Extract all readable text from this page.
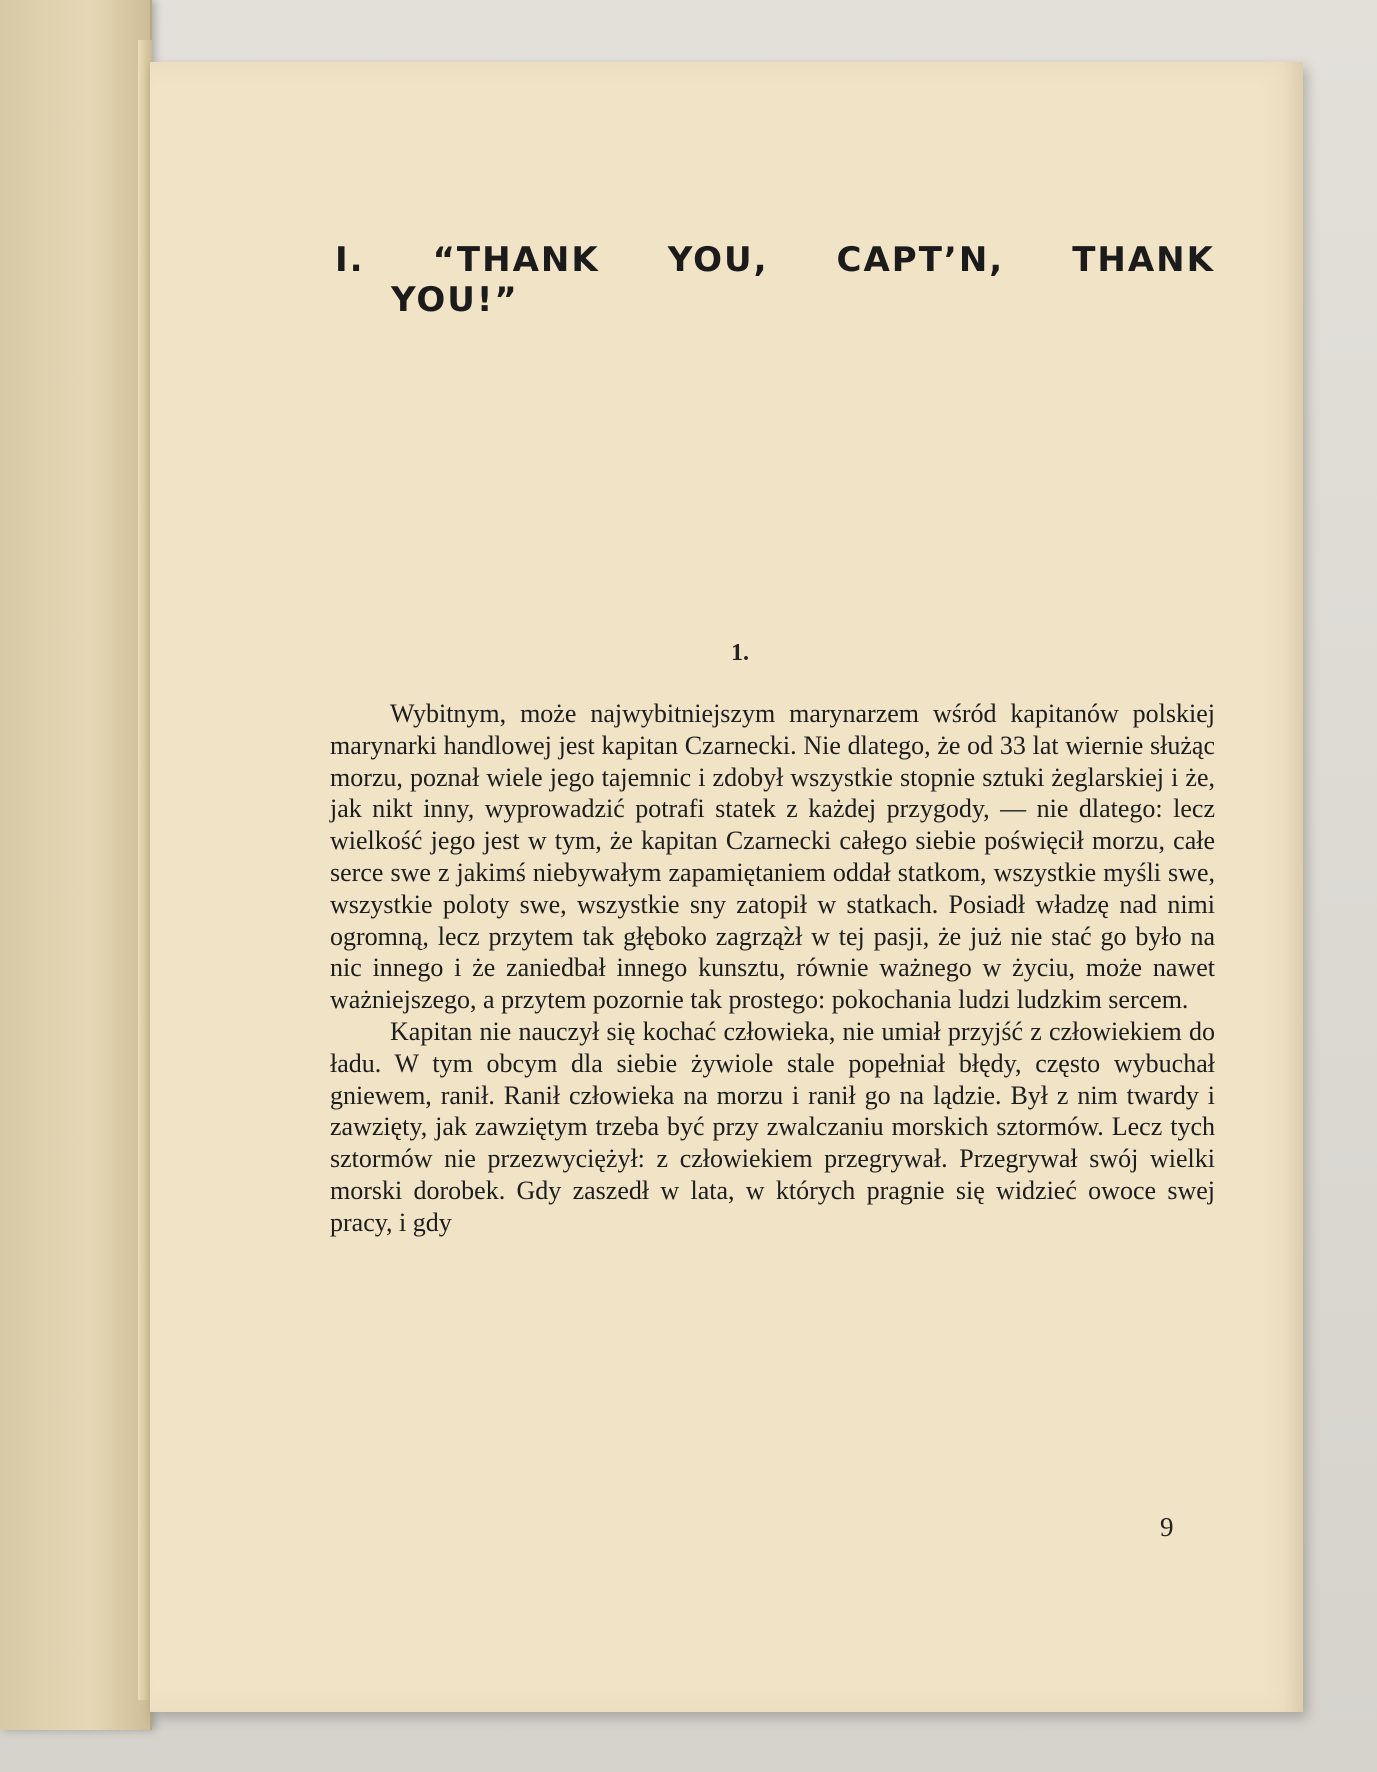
I. “THANK YOU, CAPT’N, THANK
YOU!”
1.

Wybitnym, może najwybitniejszym marynarzem wśród kapitanów polskiej marynarki handlowej jest kapitan Czarnecki. Nie dlatego, że od 33 lat wiernie służąc morzu, poznał wiele jego tajemnic i zdobył wszystkie stopnie sztuki żeglarskiej i że, jak nikt inny, wyprowadzić potrafi statek z każdej przygody, — nie dlatego: lecz wielkość jego jest w tym, że kapitan Czarnecki całego siebie poświęcił morzu, całe serce swe z jakimś niebywałym zapamiętaniem oddał statkom, wszystkie myśli swe, wszystkie poloty swe, wszystkie sny zatopił w statkach. Posiadł władzę nad nimi ogromną, lecz przytem tak głęboko zagrząz̀ł w tej pasji, że już nie stać go było na nic innego i że zaniedbał innego kunsztu, równie ważnego w życiu, może nawet ważniejszego, a przytem pozornie tak prostego: pokochania ludzi ludzkim sercem.

Kapitan nie nauczył się kochać człowieka, nie umiał przyjść z człowiekiem do ładu. W tym obcym dla siebie żywiole stale popełniał błędy, często wybuchał gniewem, ranił. Ranił człowieka na morzu i ranił go na lądzie. Był z nim twardy i zawzięty, jak zawziętym trzeba być przy zwalczaniu morskich sztormów. Lecz tych sztormów nie przezwyciężył: z człowiekiem przegrywał. Przegrywał swój wielki morski dorobek. Gdy zaszedł w lata, w których pragnie się widzieć owoce swej pracy, i gdy

9
